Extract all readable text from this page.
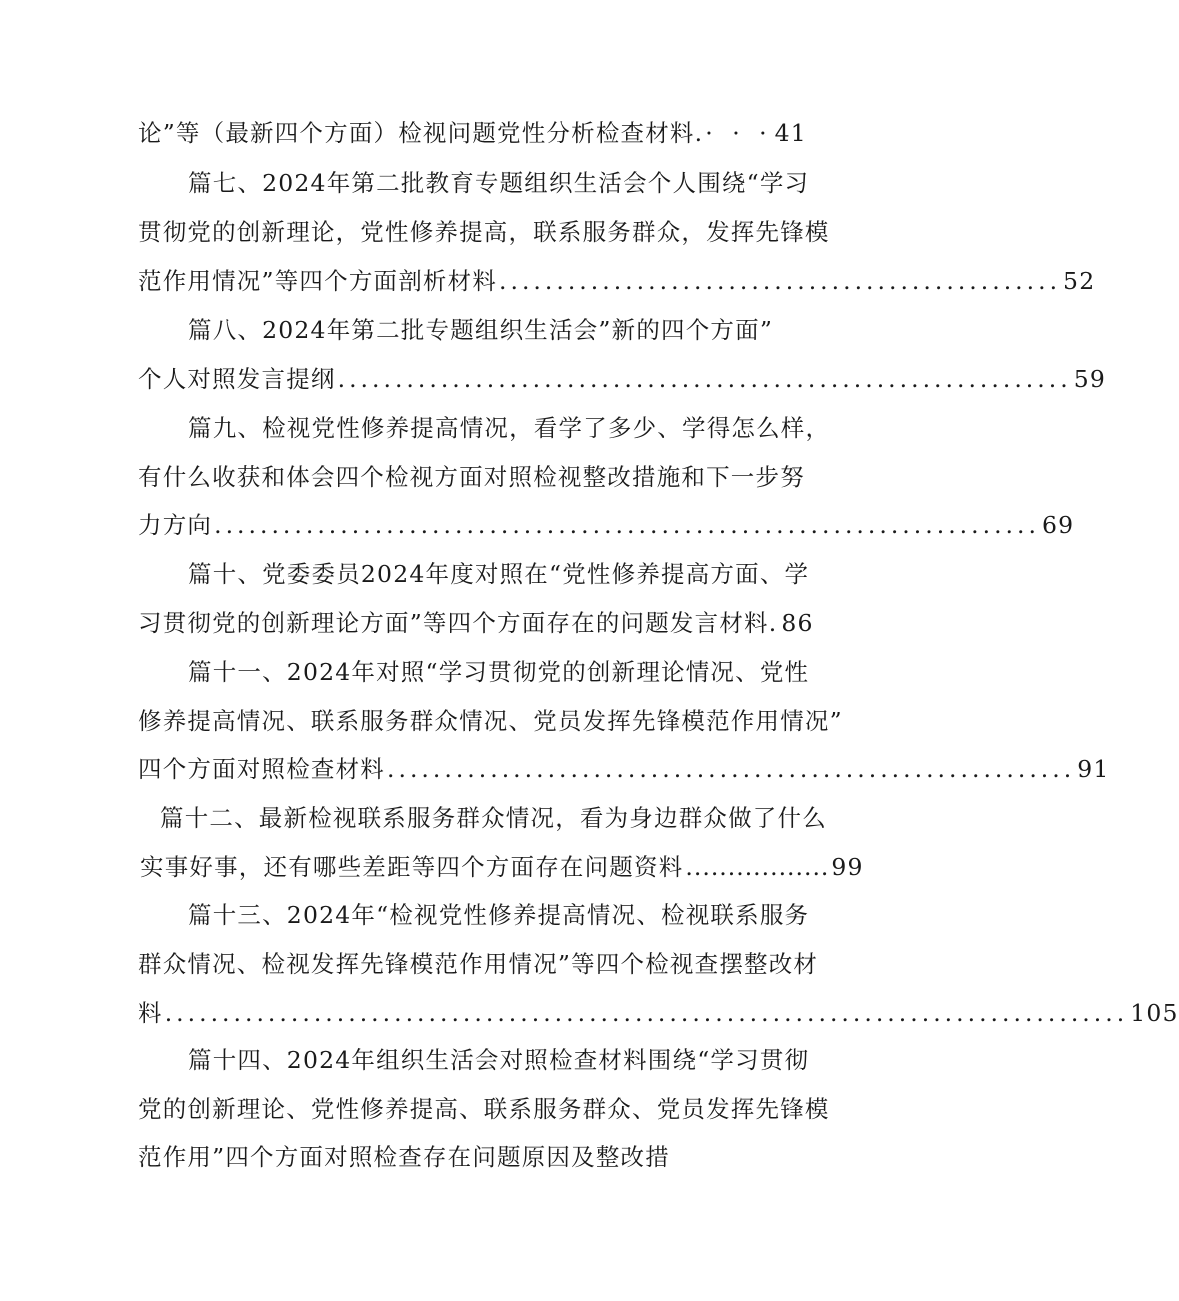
论”等（最新四个方面）检视问题党性分析检查材料. · · · 41
篇七、2024年第二批教育专题组织生活会个人围绕“学习
贯彻党的创新理论，党性修养提高，联系服务群众，发挥先锋模
范作用情况”等四个方面剖析材料 ................................................. 52
篇八、2024年第二批专题组织生活会”新的四个方面”
个人对照发言提纲 ................................................................ 59
篇九、检视党性修养提高情况，看学了多少、学得怎么样，
有什么收获和体会四个检视方面对照检视整改措施和下一步努
力方向 ........................................................................ 69
篇十、党委委员2024年度对照在“党性修养提高方面、学
习贯彻党的创新理论方面”等四个方面存在的问题发言材料. 86
篇十一、2024年对照“学习贯彻党的创新理论情况、党性
修养提高情况、联系服务群众情况、党员发挥先锋模范作用情况”
四个方面对照检查材料 ............................................................ 91
篇十二、最新检视联系服务群众情况，看为身边群众做了什么
实事好事，还有哪些差距等四个方面存在问题资料 ................. 99
篇十三、2024年“检视党性修养提高情况、检视联系服务
群众情况、检视发挥先锋模范作用情况”等四个检视查摆整改材
料 .................................................................................... 105
篇十四、2024年组织生活会对照检查材料围绕“学习贯彻
党的创新理论、党性修养提高、联系服务群众、党员发挥先锋模
范作用”四个方面对照检查存在问题原因及整改措
